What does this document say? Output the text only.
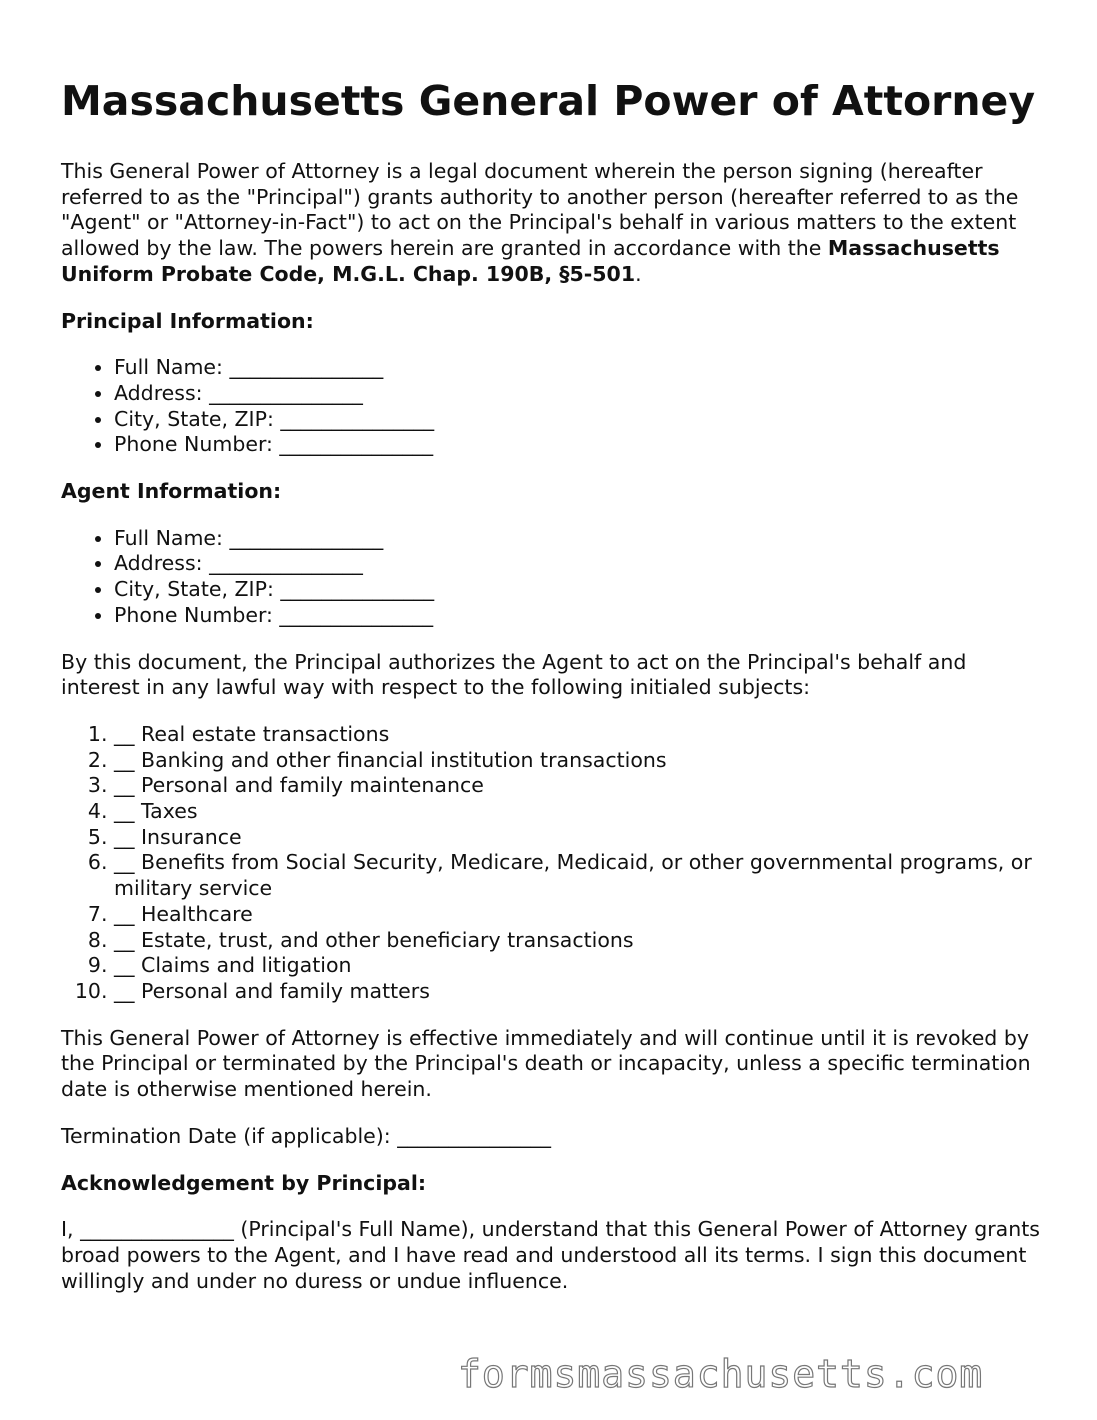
Massachusetts General Power of Attorney

This General Power of Attorney is a legal document wherein the person signing (hereafter referred to as the "Principal") grants authority to another person (hereafter referred to as the "Agent" or "Attorney-in-Fact") to act on the Principal's behalf in various matters to the extent allowed by the law. The powers herein are granted in accordance with the Massachusetts Uniform Probate Code, M.G.L. Chap. 190B, §5-501.

Principal Information:
• Full Name: _______________
• Address: _______________
• City, State, ZIP: _______________
• Phone Number: _______________
Agent Information:
• Full Name: _______________
• Address: _______________
• City, State, ZIP: _______________
• Phone Number: _______________

By this document, the Principal authorizes the Agent to act on the Principal's behalf and interest in any lawful way with respect to the following initialed subjects:

1. __ Real estate transactions
2. __ Banking and other financial institution transactions
3. __ Personal and family maintenance
4. __ Taxes
5. __ Insurance
6. __ Benefits from Social Security, Medicare, Medicaid, or other governmental programs, or military service
7. __ Healthcare
8. __ Estate, trust, and other beneficiary transactions
9. __ Claims and litigation
10. __ Personal and family matters

This General Power of Attorney is effective immediately and will continue until it is revoked by the Principal or terminated by the Principal's death or incapacity, unless a specific termination date is otherwise mentioned herein.

Termination Date (if applicable): _______________

Acknowledgement by Principal:

I, _______________ (Principal's Full Name), understand that this General Power of Attorney grants broad powers to the Agent, and I have read and understood all its terms. I sign this document willingly and under no duress or undue influence.

formsmassachusetts.com
